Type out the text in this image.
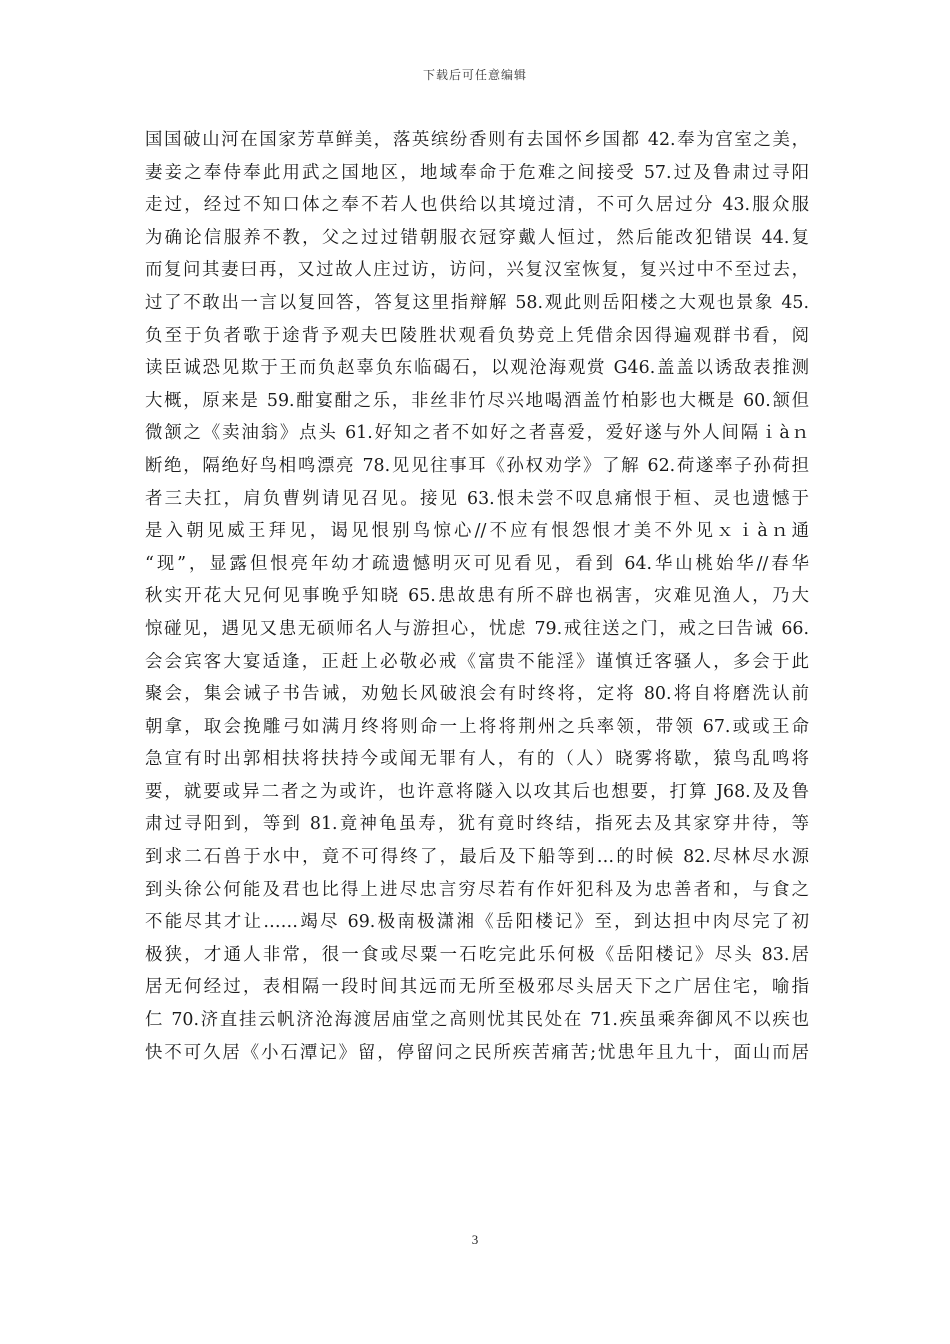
下载后可任意编辑
国国破山河在国家芳草鲜美，落英缤纷香则有去国怀乡国都 42.奉为宫室之美，
妻妾之奉侍奉此用武之国地区，地域奉命于危难之间接受 57.过及鲁肃过寻阳
走过，经过不知口体之奉不若人也供给以其境过清，不可久居过分 43.服众服
为确论信服养不教，父之过过错朝服衣冠穿戴人恒过，然后能改犯错误 44.复
而复问其妻曰再，又过故人庄过访，访问，兴复汉室恢复，复兴过中不至过去，
过了不敢出一言以复回答，答复这里指辩解 58.观此则岳阳楼之大观也景象 45.
负至于负者歌于途背予观夫巴陵胜状观看负势竞上凭借余因得遍观群书看，阅
读臣诚恐见欺于王而负赵辜负东临碣石，以观沧海观赏 G46.盖盖以诱敌表推测
大概，原来是 59.酣宴酣之乐，非丝非竹尽兴地喝酒盖竹柏影也大概是 60.颔但
微颔之《卖油翁》点头 61.好知之者不如好之者喜爱，爱好遂与外人间隔ｉàｎ
断绝，隔绝好鸟相鸣漂亮 78.见见往事耳《孙权劝学》了解 62.荷遂率子孙荷担
者三夫扛，肩负曹刿请见召见。接见 63.恨未尝不叹息痛恨于桓、灵也遗憾于
是入朝见威王拜见，谒见恨别鸟惊心//不应有恨怨恨才美不外见ｘｉàｎ通
“现”，显露但恨亮年幼才疏遗憾明灭可见看见，看到 64.华山桃始华//春华
秋实开花大兄何见事晚乎知晓 65.患故患有所不辟也祸害，灾难见渔人，乃大
惊碰见，遇见又患无硕师名人与游担心，忧虑 79.戒往送之门，戒之曰告诫 66.
会会宾客大宴适逢，正赶上必敬必戒《富贵不能淫》谨慎迁客骚人，多会于此
聚会，集会诫子书告诫，劝勉长风破浪会有时终将，定将 80.将自将磨洗认前
朝拿，取会挽雕弓如满月终将则命一上将将荆州之兵率领，带领 67.或或王命
急宣有时出郭相扶将扶持今或闻无罪有人，有的（人）晓雾将歇，猿鸟乱鸣将
要，就要或异二者之为或许，也许意将隧入以攻其后也想要，打算 J68.及及鲁
肃过寻阳到，等到 81.竟神龟虽寿，犹有竟时终结，指死去及其家穿井待，等
到求二石兽于水中，竟不可得终了，最后及下船等到…的时候 82.尽林尽水源
到头徐公何能及君也比得上进尽忠言穷尽若有作奸犯科及为忠善者和，与食之
不能尽其才让……竭尽 69.极南极潇湘《岳阳楼记》至，到达担中肉尽完了初
极狭，才通人非常，很一食或尽粟一石吃完此乐何极《岳阳楼记》尽头 83.居
居无何经过，表相隔一段时间其远而无所至极邪尽头居天下之广居住宅，喻指
仁 70.济直挂云帆济沧海渡居庙堂之高则忧其民处在 71.疾虽乘奔御风不以疾也
快不可久居《小石潭记》留，停留问之民所疾苦痛苦;忧患年且九十，面山而居
3
